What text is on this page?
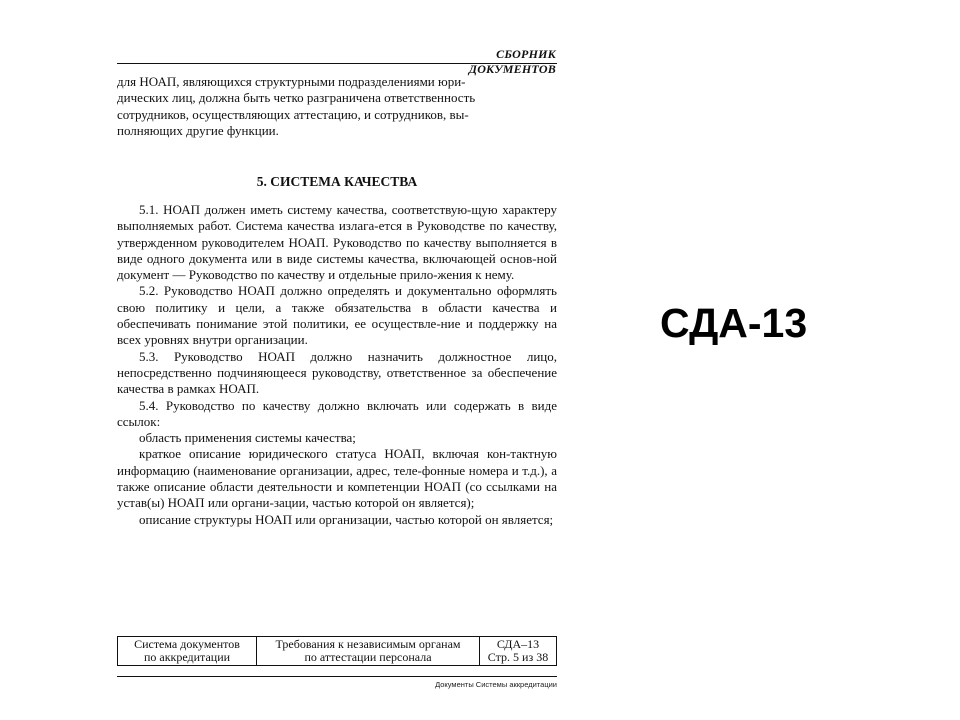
СБОРНИК ДОКУМЕНТОВ
для НОАП, являющихся структурными подразделениями юри-
дических лиц, должна быть четко разграничена ответственность
сотрудников, осуществляющих аттестацию, и сотрудников, вы-
полняющих другие функции.
5. СИСТЕМА КАЧЕСТВА

5.1. НОАП должен иметь систему качества, соответствую-щую характеру выполняемых работ. Система качества излага-ется в Руководстве по качеству, утвержденном руководителем НОАП. Руководство по качеству выполняется в виде одного документа или в виде системы качества, включающей основ-ной документ — Руководство по качеству и отдельные прило-жения к нему.

5.2. Руководство НОАП должно определять и документально оформлять свою политику и цели, а также обязательства в области качества и обеспечивать понимание этой политики, ее осуществле-ние и поддержку на всех уровнях внутри организации.

5.3. Руководство НОАП должно назначить должностное лицо, непосредственно подчиняющееся руководству, ответственное за обеспечение качества в рамках НОАП.

5.4. Руководство по качеству должно включать или содержать в виде ссылок:

область применения системы качества;

краткое описание юридического статуса НОАП, включая кон-тактную информацию (наименование организации, адрес, теле-фонные номера и т.д.), а также описание области деятельности и компетенции НОАП (со ссылками на устав(ы) НОАП или органи-зации, частью которой он является);

описание структуры НОАП или организации, частью которой он является;

Система документов
по аккредитации

Требования к независимым органам
по аттестации персонала

СДА–13
Стр. 5 из 38
Документы Системы аккредитации
СДА-13
